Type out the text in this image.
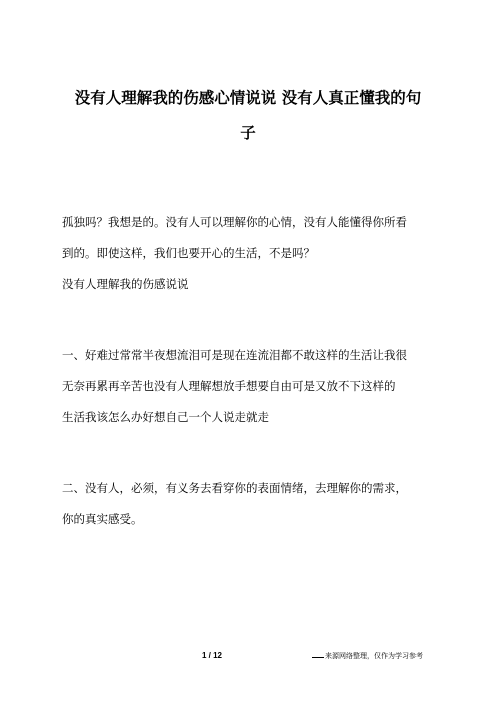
没有人理解我的伤感心情说说 没有人真正懂我的句
子
孤独吗？我想是的。没有人可以理解你的心情，没有人能懂得你所看
到的。即使这样，我们也要开心的生活，不是吗？
没有人理解我的伤感说说
一、好难过常常半夜想流泪可是现在连流泪都不敢这样的生活让我很
无奈再累再辛苦也没有人理解想放手想要自由可是又放不下这样的
生活我该怎么办好想自己一个人说走就走
二、没有人，必须，有义务去看穿你的表面情绪，去理解你的需求，
你的真实感受。
1 / 12	来源网络整理，仅作为学习参考
